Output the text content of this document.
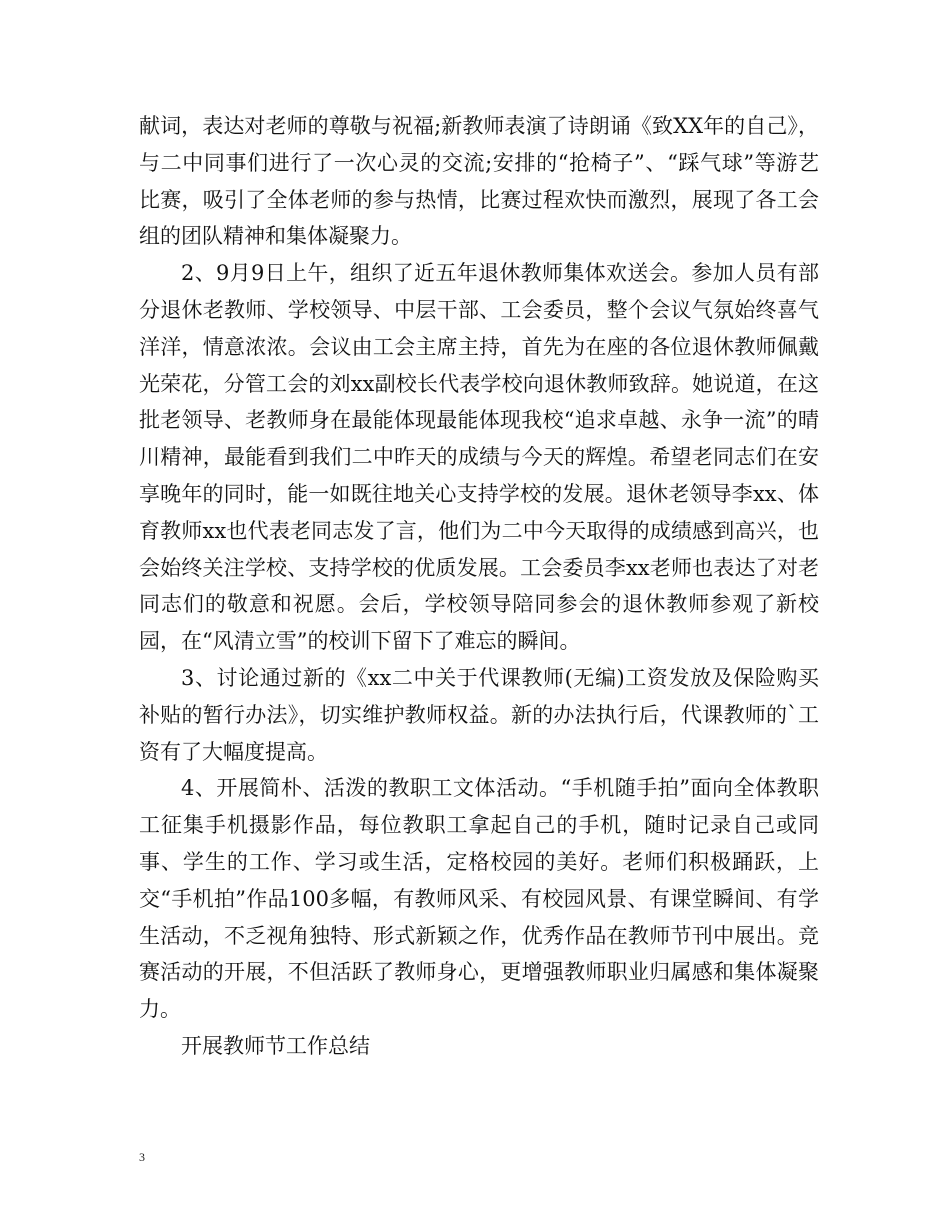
献词，表达对老师的尊敬与祝福;新教师表演了诗朗诵《致XX年的自己》，与二中同事们进行了一次心灵的交流;安排的“抢椅子”、“踩气球”等游艺比赛，吸引了全体老师的参与热情，比赛过程欢快而激烈，展现了各工会组的团队精神和集体凝聚力。

2、9月9日上午，组织了近五年退休教师集体欢送会。参加人员有部分退休老教师、学校领导、中层干部、工会委员，整个会议气氛始终喜气洋洋，情意浓浓。会议由工会主席主持，首先为在座的各位退休教师佩戴光荣花，分管工会的刘xx副校长代表学校向退休教师致辞。她说道，在这批老领导、老教师身在最能体现最能体现我校“追求卓越、永争一流”的晴川精神，最能看到我们二中昨天的成绩与今天的辉煌。希望老同志们在安享晚年的同时，能一如既往地关心支持学校的发展。退休老领导李xx、体育教师xx也代表老同志发了言，他们为二中今天取得的成绩感到高兴，也会始终关注学校、支持学校的优质发展。工会委员李xx老师也表达了对老同志们的敬意和祝愿。会后，学校领导陪同参会的退休教师参观了新校园，在“风清立雪”的校训下留下了难忘的瞬间。

3、讨论通过新的《xx二中关于代课教师(无编)工资发放及保险购买补贴的暂行办法》，切实维护教师权益。新的办法执行后，代课教师的`工资有了大幅度提高。

4、开展简朴、活泼的教职工文体活动。“手机随手拍”面向全体教职工征集手机摄影作品，每位教职工拿起自己的手机，随时记录自己或同事、学生的工作、学习或生活，定格校园的美好。老师们积极踊跃，上交“手机拍”作品100多幅，有教师风采、有校园风景、有课堂瞬间、有学生活动，不乏视角独特、形式新颖之作，优秀作品在教师节刊中展出。竞赛活动的开展，不但活跃了教师身心，更增强教师职业归属感和集体凝聚力。

开展教师节工作总结

3
